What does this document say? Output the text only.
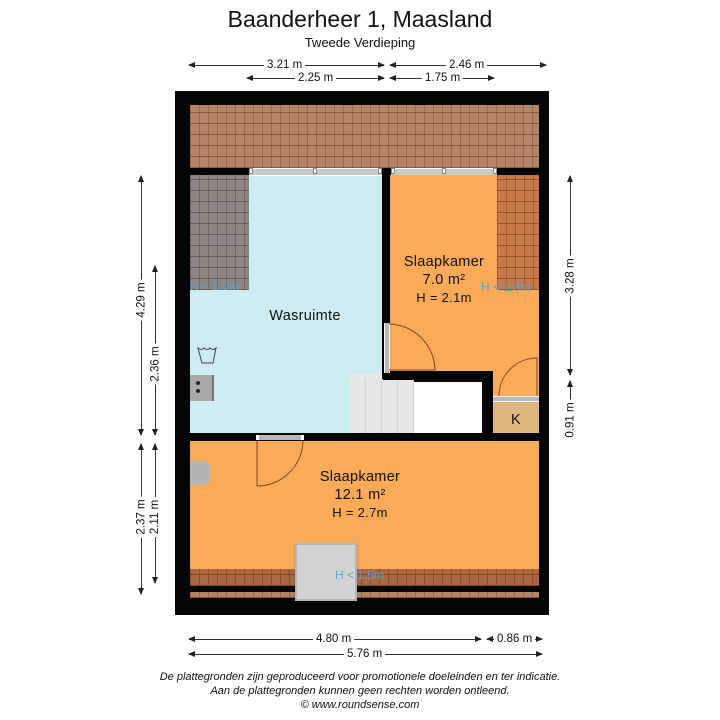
Baanderheer 1, Maasland
Tweede Verdieping
3.21 m	2.46 m
2.25 m	1.75 m
4.29 m
2.36 m
2.37 m 2.11 m
3.28 m
0.91 m
Wasruimte
Slaapkamer
7.0 m²
H = 2.1m
Slaapkamer
12.1 m²
H = 2.7m
K
H < 1.5m	H < 1.5m
H < 1.5m
4.80 m	0.86 m
5.76 m
De plattegronden zijn geproduceerd voor promotionele doeleinden en ter indicatie.
Aan de plattegronden kunnen geen rechten worden ontleend.
© www.roundsense.com
